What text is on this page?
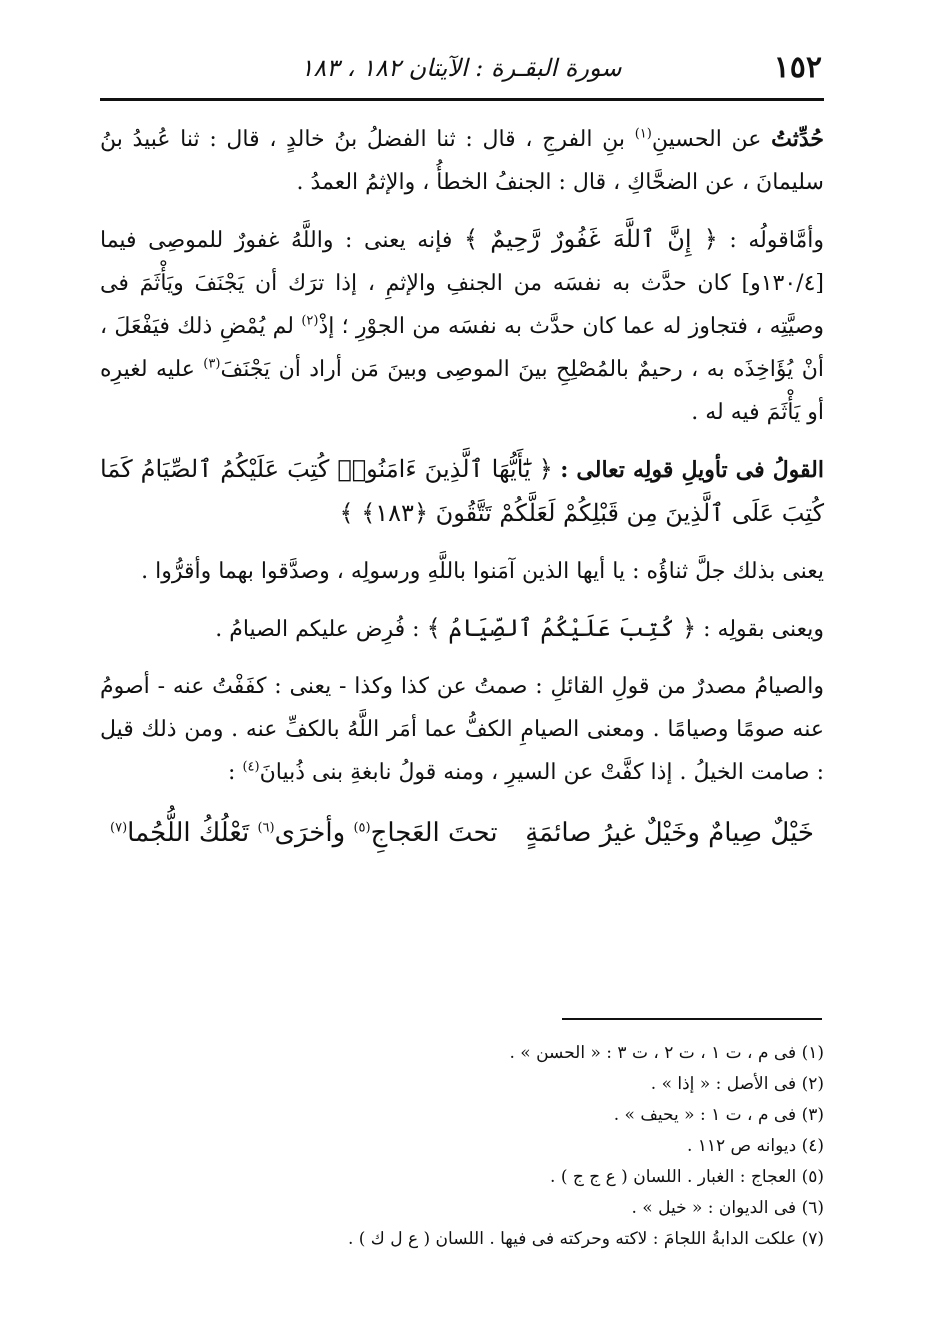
١٥٢
سورة البقـرة : الآيتان ١٨٢ ، ١٨٣

حُدِّثتُ عن الحسينِ$^{(١)}$ بنِ الفرجِ ، قال : ثنا الفضلُ بنُ خالدٍ ، قال : ثنا عُبيدُ بنُ سليمانَ ، عن الضحَّاكِ ، قال : الجنفُ الخطأُ ، والإثمُ العمدُ .

وأمَّاقولُه : ﴿ إِنَّ ٱللَّهَ غَفُورٌ رَّحِيمٌ ﴾ فإنه يعنى : واللَّهُ غفورٌ للموصِى فيما [١٣٠/٤و] كان حدَّث به نفسَه من الجنفِ والإثمِ ، إذا ترَك أن يَجْنَفَ ويَأْثَمَ فى وصيَّتِه ، فتجاوز له عما كان حدَّث به نفسَه من الجوْرِ ؛ إذْ$^{(٢)}$ لم يُمْضِ ذلك فيَفْعَلَ ، أنْ يُؤَاخِذَه به ، رحيمٌ بالمُصْلِحِ بينَ الموصِى وبينَ مَن أراد أن يَجْنَفَ$^{(٣)}$ عليه لغيرِه أو يَأْثَمَ فيه له .

القولُ فى تأويلِ قولِه تعالى : ﴿ يَٰٓأَيُّهَا ٱلَّذِينَ ءَامَنُوا۟ كُتِبَ عَلَيْكُمُ ٱلصِّيَامُ كَمَا كُتِبَ عَلَى ٱلَّذِينَ مِن قَبْلِكُمْ لَعَلَّكُمْ تَتَّقُونَ ﴿١٨٣﴾ ﴾

يعنى بذلك جلَّ ثناؤُه : يا أيها الذين آمَنوا باللَّهِ ورسولِه ، وصدَّقوا بهما وأقرُّوا .

ويعنى بقولِه : ﴿ كُتِبَ عَلَيْكُمُ ٱلصِّيَامُ ﴾ : فُرِض عليكم الصيامُ .

والصيامُ مصدرٌ من قولِ القائلِ : صمتُ عن كذا وكذا - يعنى : كفَفْتُ عنه - أصومُ عنه صومًا وصيامًا . ومعنى الصيامِ الكفُّ عما أمَر اللَّهُ بالكفِّ عنه . ومن ذلك قيل : صامت الخيلُ . إذا كفَّتْ عن السيرِ ، ومنه قولُ نابغةِ بنى ذُبيانَ$^{(٤)}$ :

خَيْلٌ صِيامٌ وخَيْلٌ غيرُ صائمَةٍ
تحتَ العَجاجِ$^{(٥)}$ وأخرَى$^{(٦)}$ تَعْلُكُ اللُّجُما$^{(٧)}$

(١) فى م ، ت ١ ، ت ٢ ، ت ٣ : « الحسن » .

(٢) فى الأصل : « إذا » .

(٣) فى م ، ت ١ : « يحيف » .

(٤) ديوانه ص ١١٢ .

(٥) العجاج : الغبار . اللسان ( ع ج ج ) .

(٦) فى الديوان : « خيل » .

(٧) علكت الدابةُ اللجامَ : لاكته وحركته فى فيها . اللسان ( ع ل ك ) .
